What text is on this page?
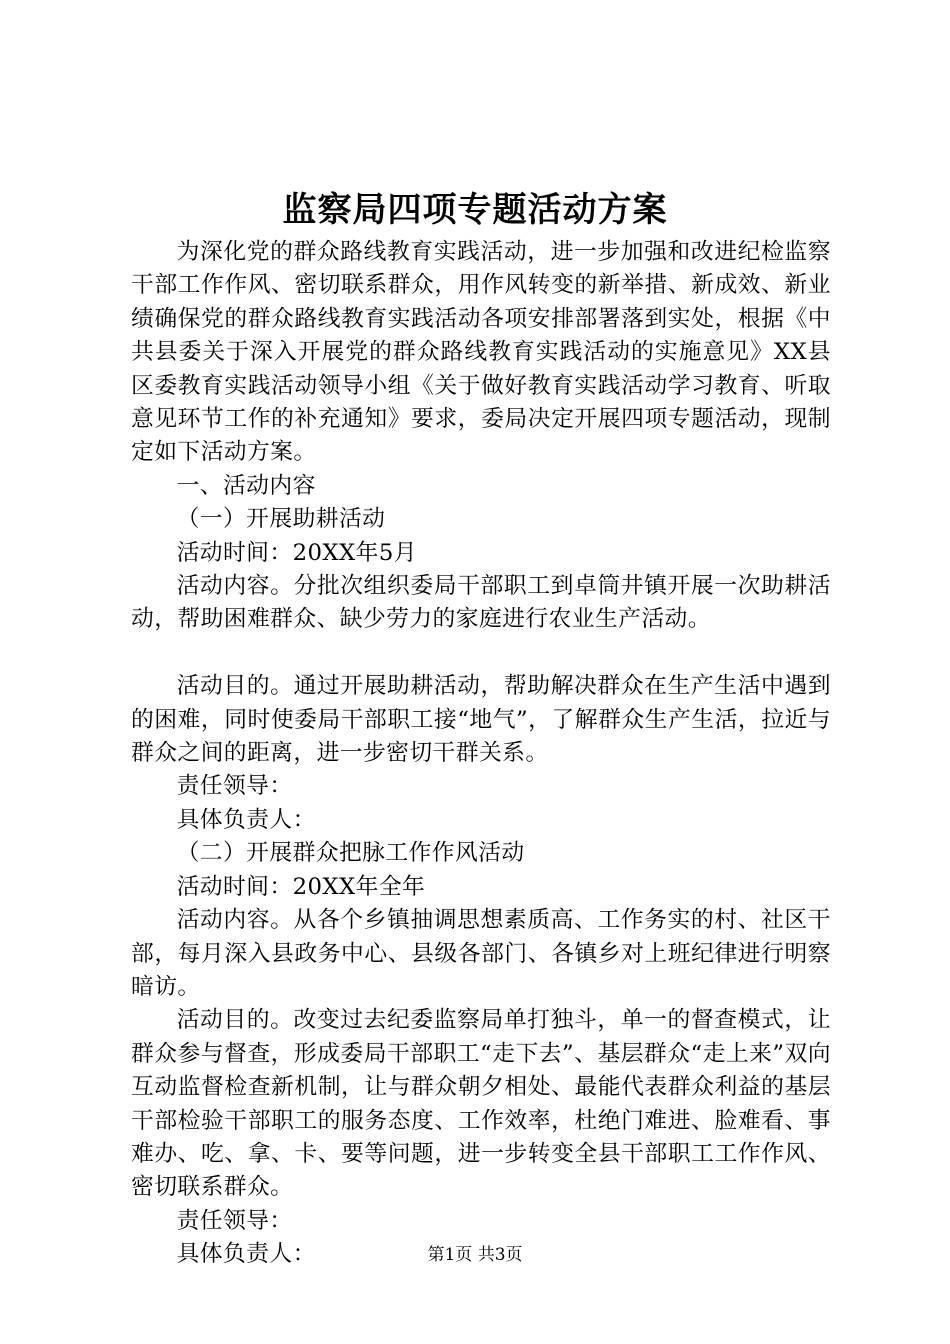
监察局四项专题活动方案

为深化党的群众路线教育实践活动，进一步加强和改进纪检监察干部工作作风、密切联系群众，用作风转变的新举措、新成效、新业绩确保党的群众路线教育实践活动各项安排部署落到实处，根据《中共县委关于深入开展党的群众路线教育实践活动的实施意见》XX县区委教育实践活动领导小组《关于做好教育实践活动学习教育、听取意见环节工作的补充通知》要求，委局决定开展四项专题活动，现制定如下活动方案。

一、活动内容

（一）开展助耕活动

活动时间：20XX年5月

活动内容。分批次组织委局干部职工到卓筒井镇开展一次助耕活动，帮助困难群众、缺少劳力的家庭进行农业生产活动。

活动目的。通过开展助耕活动，帮助解决群众在生产生活中遇到的困难，同时使委局干部职工接“地气”，了解群众生产生活，拉近与群众之间的距离，进一步密切干群关系。

责任领导：

具体负责人：

（二）开展群众把脉工作作风活动

活动时间：20XX年全年

活动内容。从各个乡镇抽调思想素质高、工作务实的村、社区干部，每月深入县政务中心、县级各部门、各镇乡对上班纪律进行明察暗访。

活动目的。改变过去纪委监察局单打独斗，单一的督查模式，让群众参与督查，形成委局干部职工“走下去”、基层群众“走上来”双向互动监督检查新机制，让与群众朝夕相处、最能代表群众利益的基层干部检验干部职工的服务态度、工作效率，杜绝门难进、脸难看、事难办、吃、拿、卡、要等问题，进一步转变全县干部职工工作作风、密切联系群众。

责任领导：

具体负责人：	第1页 共3页
